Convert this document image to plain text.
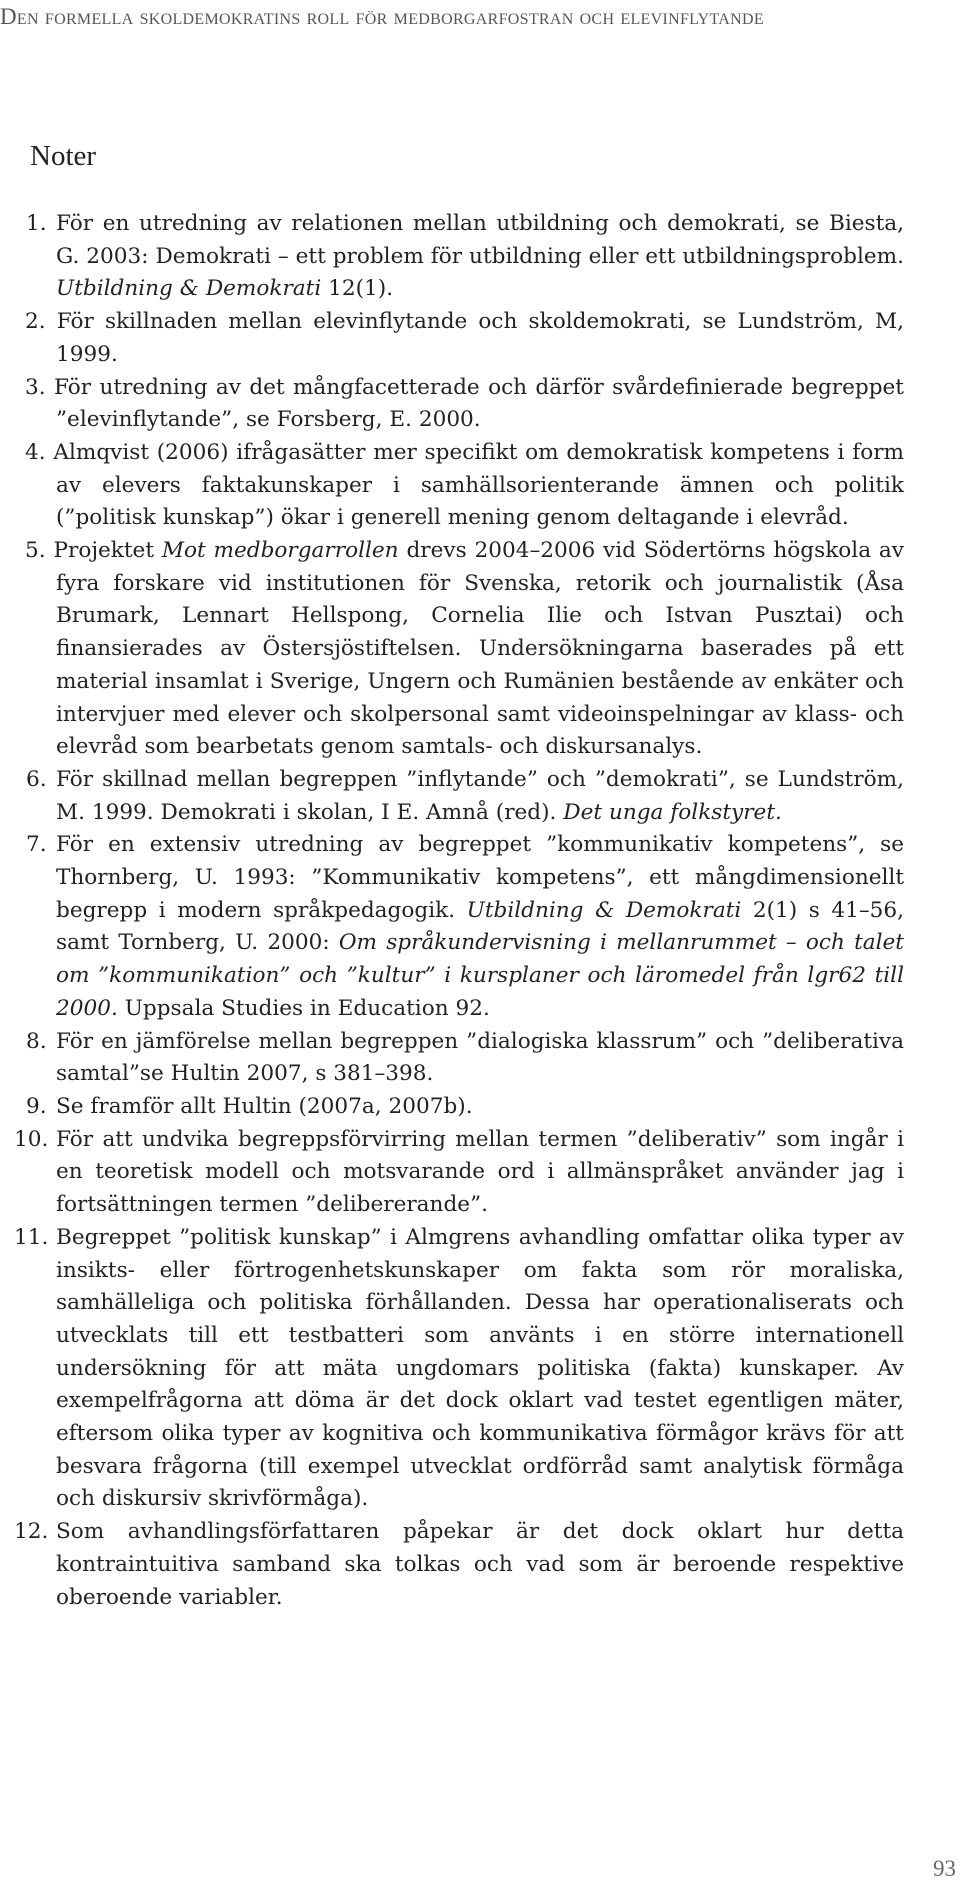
Den formella skoldemokratins roll för medborgarfostran och elevinflytande
Noter
1. För en utredning av relationen mellan utbildning och demokrati, se Biesta, G. 2003: Demokrati – ett problem för utbildning eller ett utbildningsproblem. Utbildning & Demokrati 12(1).
2. För skillnaden mellan elevinflytande och skoldemokrati, se Lundström, M, 1999.
3. För utredning av det mångfacetterade och därför svårdefinierade begreppet ”elevinflytande”, se Forsberg, E. 2000.
4. Almqvist (2006) ifrågasätter mer specifikt om demokratisk kompetens i form av elevers faktakunskaper i samhällsorienterande ämnen och politik (”politisk kunskap”) ökar i generell mening genom deltagande i elevråd.
5. Projektet Mot medborgarrollen drevs 2004–2006 vid Södertörns högskola av fyra forskare vid institutionen för Svenska, retorik och journalistik (Åsa Brumark, Lennart Hellspong, Cornelia Ilie och Istvan Pusztai) och finansierades av Östersjöstiftelsen. Undersökningarna baserades på ett material insamlat i Sverige, Ungern och Rumänien bestående av enkäter och intervjuer med elever och skolpersonal samt videoinspelningar av klass- och elevråd som bearbetats genom samtals- och diskursanalys.
6. För skillnad mellan begreppen ”inflytande” och ”demokrati”, se Lundström, M. 1999. Demokrati i skolan, I E. Amnå (red). Det unga folkstyret.
7. För en extensiv utredning av begreppet ”kommunikativ kompetens”, se Thornberg, U. 1993: ”Kommunikativ kompetens”, ett mångdimensionellt begrepp i modern språkpedagogik. Utbildning & Demokrati 2(1) s 41–56, samt Tornberg, U. 2000: Om språkundervisning i mellanrummet – och talet om ”kommunikation” och ”kultur” i kursplaner och läromedel från lgr62 till 2000. Uppsala Studies in Education 92.
8. För en jämförelse mellan begreppen ”dialogiska klassrum” och ”deliberativa samtal”se Hultin 2007, s 381–398.
9. Se framför allt Hultin (2007a, 2007b).
10. För att undvika begreppsförvirring mellan termen ”deliberativ” som ingår i en teoretisk modell och motsvarande ord i allmänspråket använder jag i fortsättningen termen ”delibererande”.
11. Begreppet ”politisk kunskap” i Almgrens avhandling omfattar olika typer av insikts- eller förtrogenhetskunskaper om fakta som rör moraliska, samhälleliga och politiska förhållanden. Dessa har operationaliserats och utvecklats till ett testbatteri som använts i en större internationell undersökning för att mäta ungdomars politiska (fakta) kunskaper. Av exempelfrågorna att döma är det dock oklart vad testet egentligen mäter, eftersom olika typer av kognitiva och kommunikativa förmågor krävs för att besvara frågorna (till exempel utvecklat ordförråd samt analytisk förmåga och diskursiv skrivförmåga).
12. Som avhandlingsförfattaren påpekar är det dock oklart hur detta kontraintuitiva samband ska tolkas och vad som är beroende respektive oberoende variabler.
93
